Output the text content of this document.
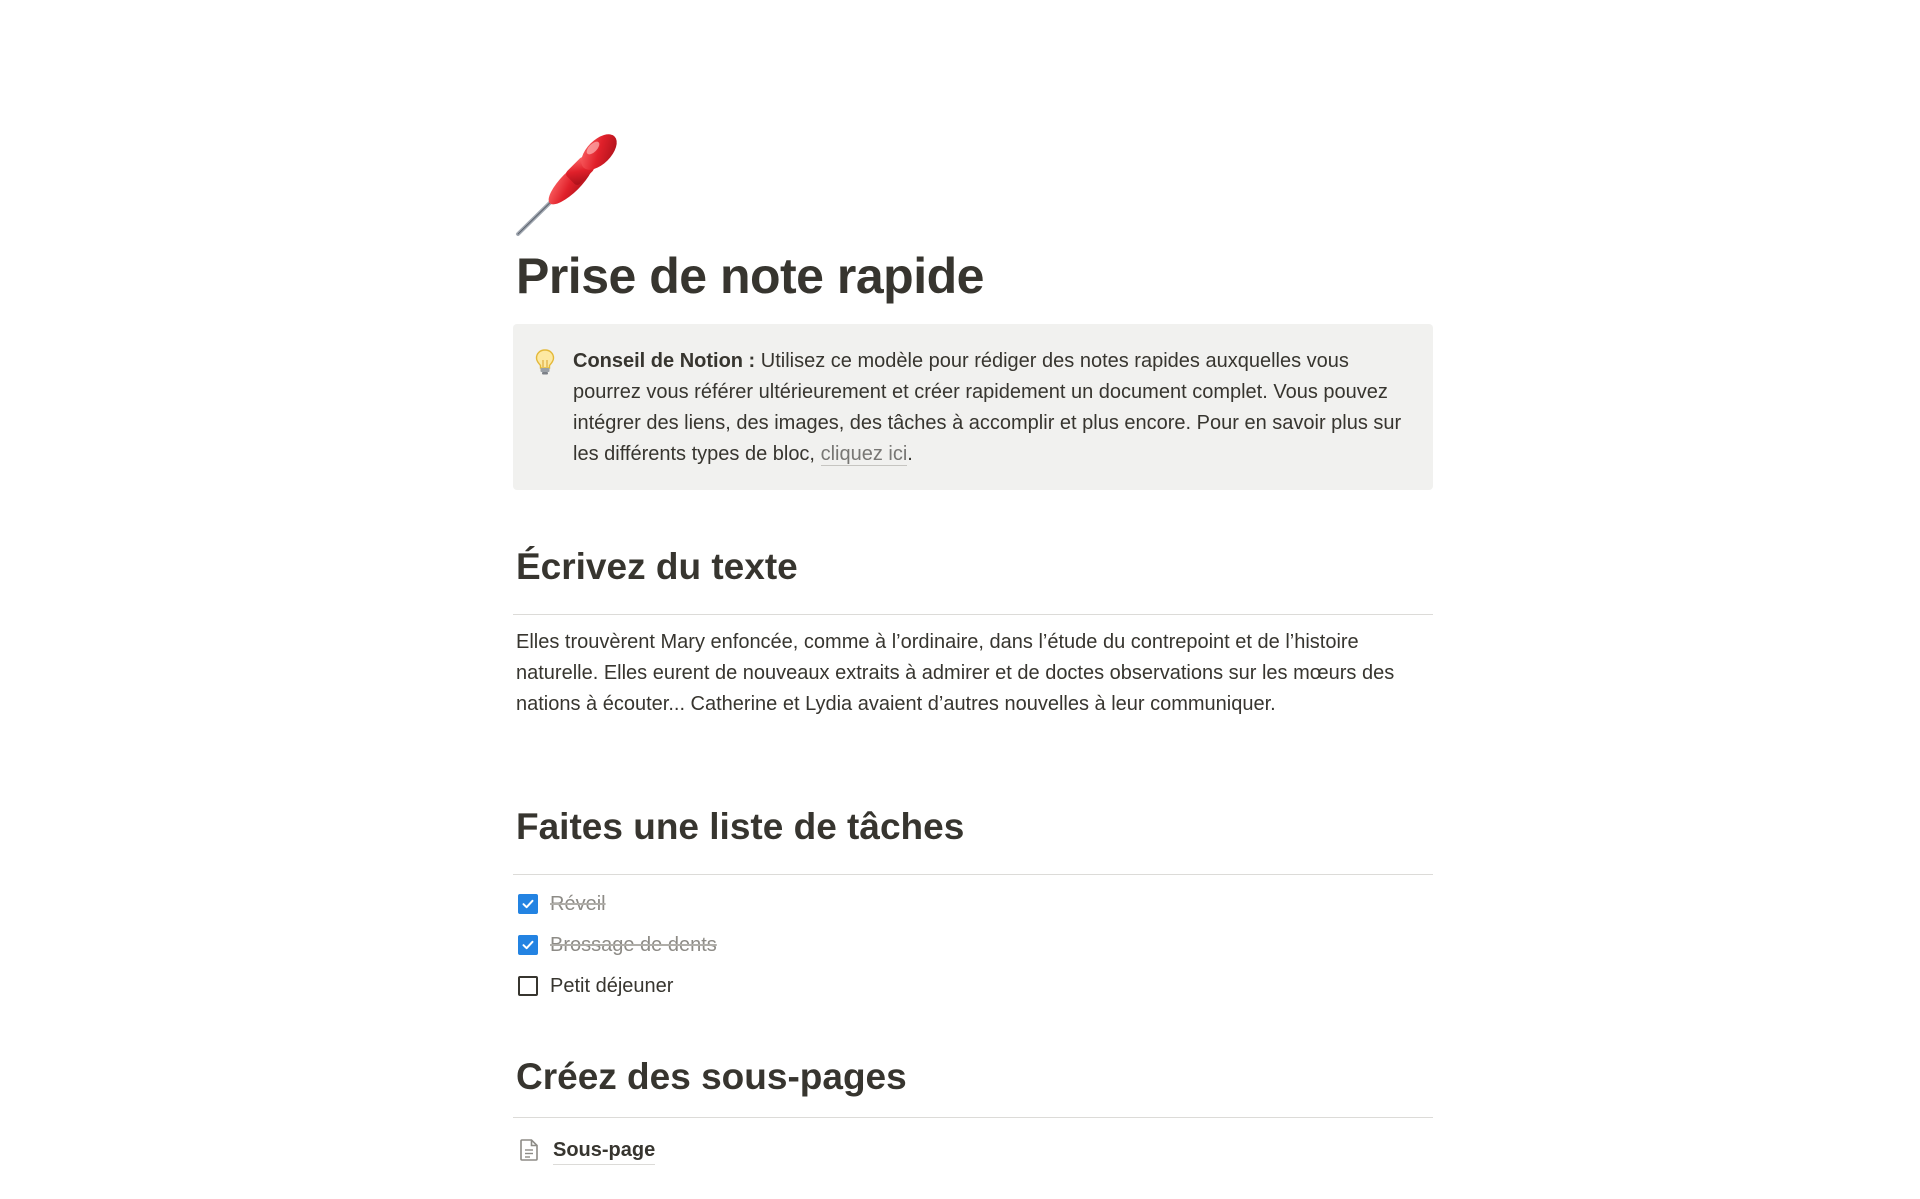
Prise de note rapide
Conseil de Notion : Utilisez ce modèle pour rédiger des notes rapides auxquelles vous pourrez vous référer ultérieurement et créer rapidement un document complet. Vous pouvez intégrer des liens, des images, des tâches à accomplir et plus encore. Pour en savoir plus sur les différents types de bloc, cliquez ici.
Écrivez du texte

Elles trouvèrent Mary enfoncée, comme à l’ordinaire, dans l’étude du contrepoint et de l’histoire naturelle. Elles eurent de nouveaux extraits à admirer et de doctes observations sur les mœurs des nations à écouter... Catherine et Lydia avaient d’autres nouvelles à leur communiquer.

Faites une liste de tâches
Réveil
Brossage de dents
Petit déjeuner
Créez des sous-pages
Sous-page
